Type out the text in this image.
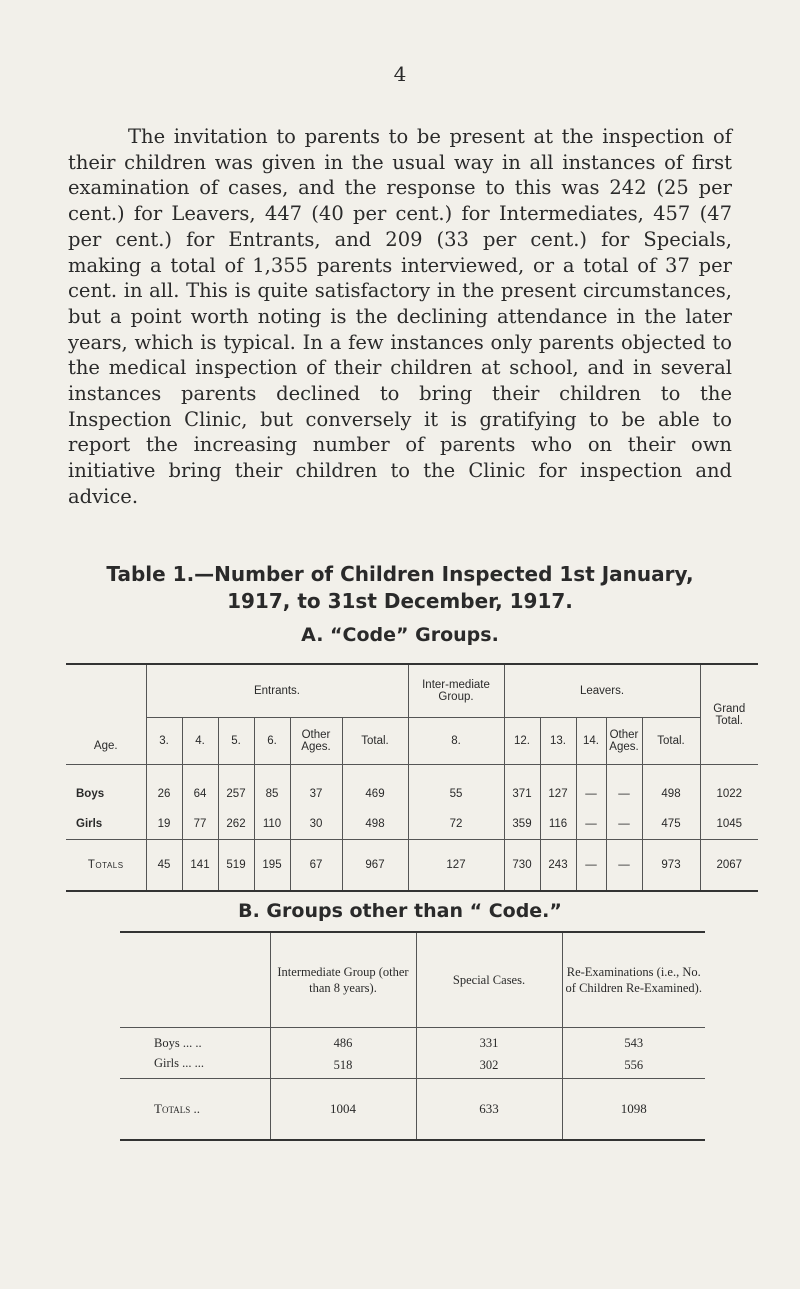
4

The invitation to parents to be present at the inspection of their children was given in the usual way in all instances of first examination of cases, and the response to this was 242 (25 per cent.) for Leavers, 447 (40 per cent.) for Intermediates, 457 (47 per cent.) for Entrants, and 209 (33 per cent.) for Specials, making a total of 1,355 parents interviewed, or a total of 37 per cent. in all. This is quite satisfactory in the present circumstances, but a point worth noting is the declining attendance in the later years, which is typical. In a few instances only parents objected to the medical inspection of their children at school, and in several instances parents declined to bring their children to the Inspection Clinic, but conversely it is gratifying to be able to report the increasing number of parents who on their own initiative bring their children to the Clinic for inspection and advice.

Table 1.—Number of Children Inspected 1st January,
1917, to 31st December, 1917.
A. “Code” Groups.
Age.	Entrants.						Inter-mediate Group.	Leavers.					Grand Total.
	3.	4.	5.	6.	Other Ages.	Total.	8.	12.	13.	14.	Other Ages.	Total.	
Boys	26	64	257	85	37	469	55	371	127	—	—	498	1022
Girls	19	77	262	110	30	498	72	359	116	—	—	475	1045
Totals	45	141	519	195	67	967	127	730	243	—	—	973	2067
B. Groups other than “ Code.”
	Intermediate Group (other than 8 years).	Special Cases.	Re-Examinations (i.e., No. of Children Re-Examined).
Boys ... ..	486	331	543
Girls ... ...	518	302	556
Totals ..	1004	633	1098
